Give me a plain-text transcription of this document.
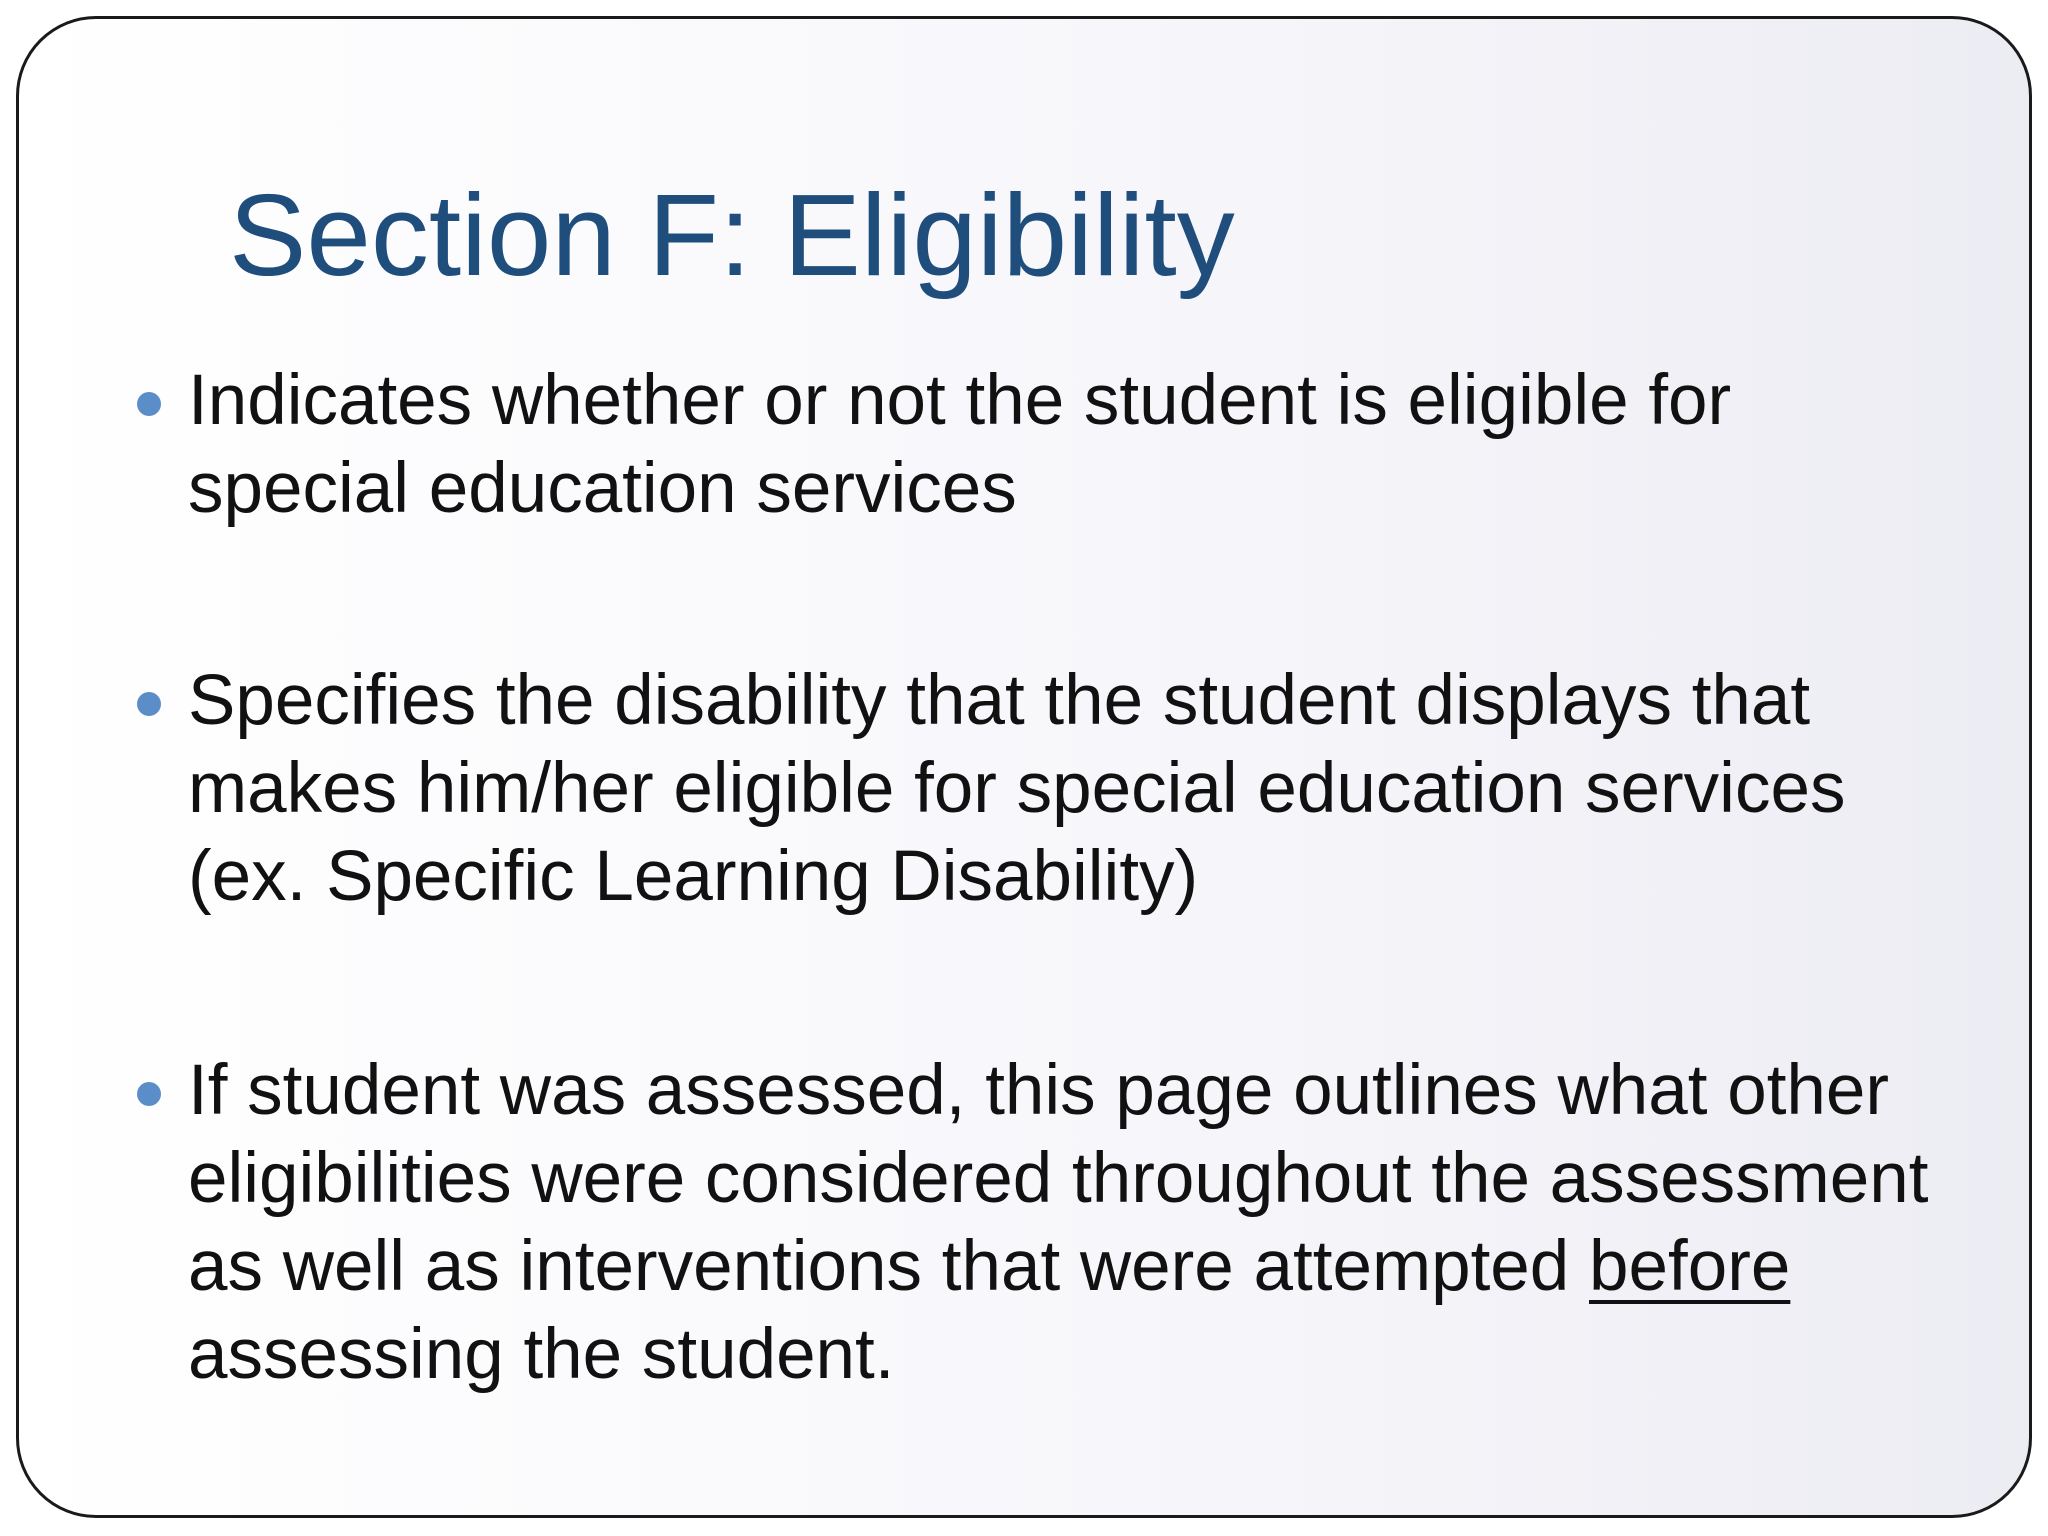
Section F: Eligibility
Indicates whether or not the student is eligible for special education services
Specifies the disability that the student displays that makes him/her eligible for special education services (ex. Specific Learning Disability)
If student was assessed, this page outlines what other eligibilities were considered throughout the assessment as well as interventions that were attempted before assessing the student.
